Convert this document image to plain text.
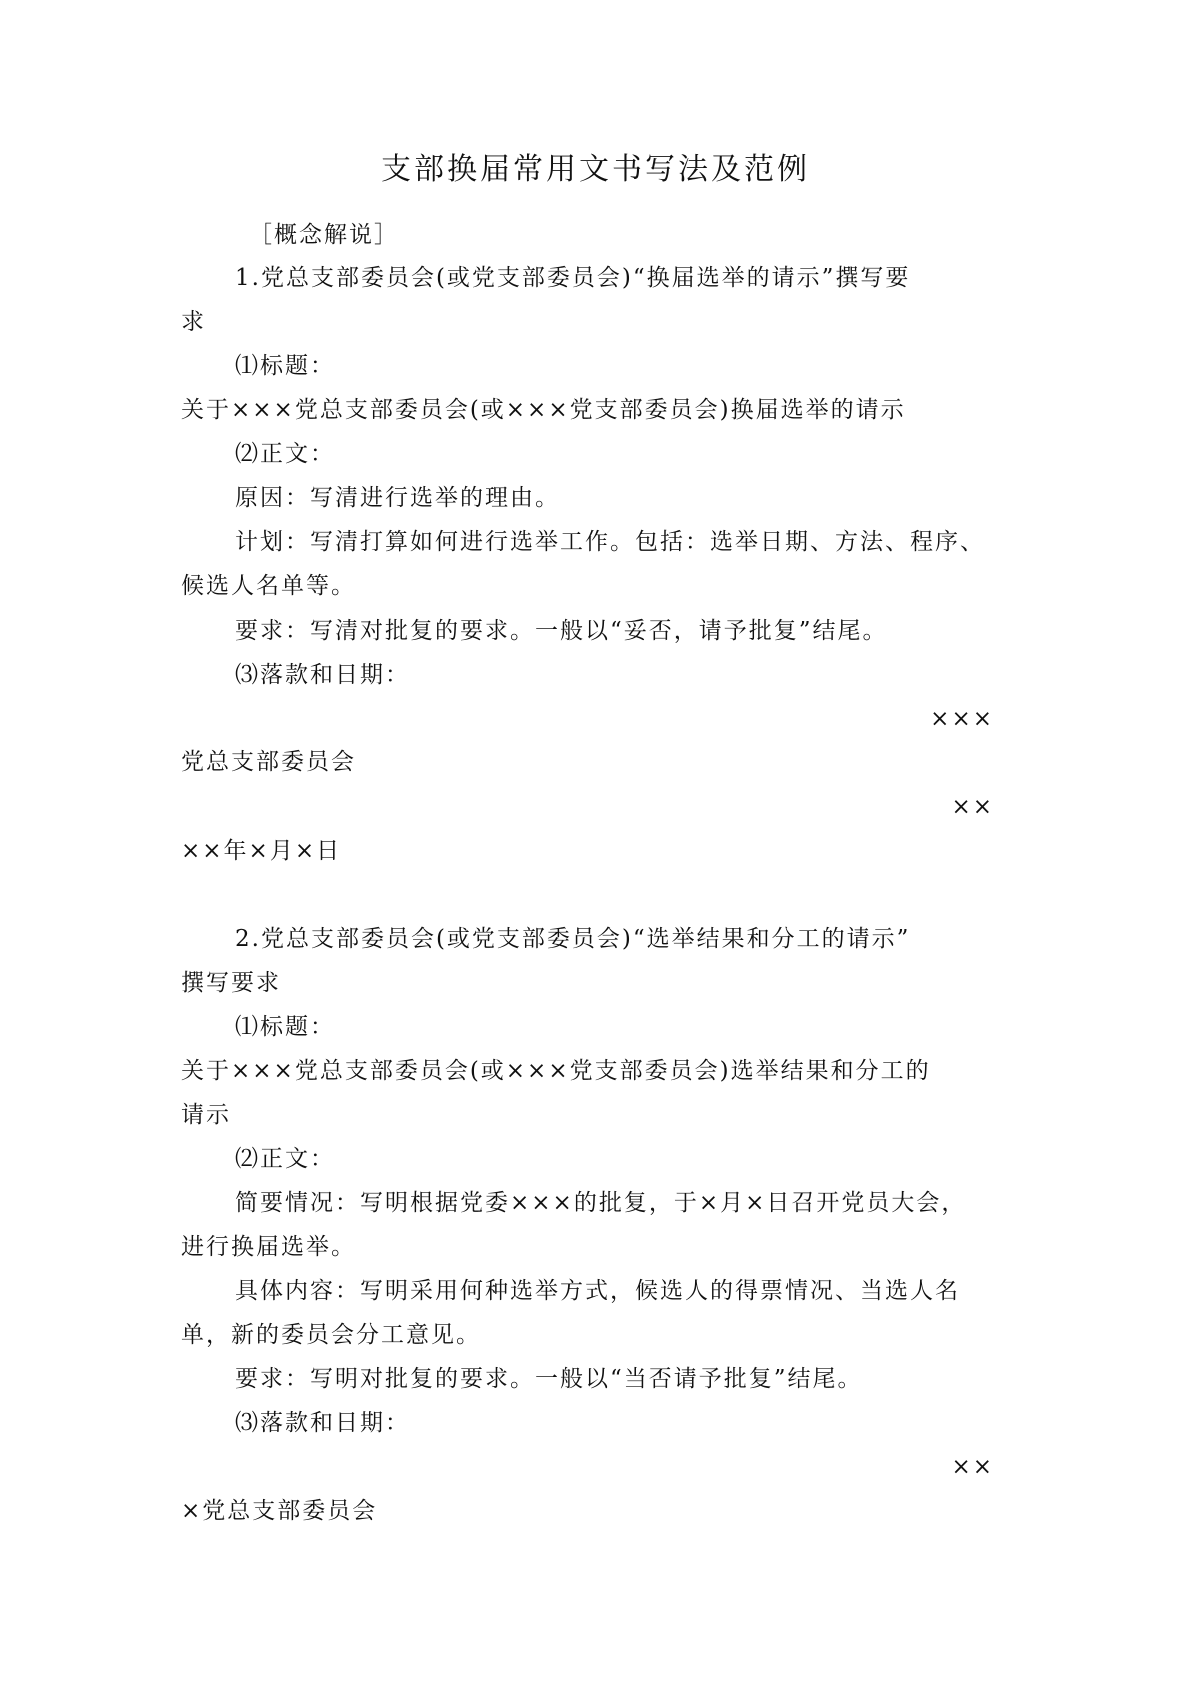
支部换届常用文书写法及范例
［概念解说］
1.党总支部委员会(或党支部委员会)“换届选举的请示”撰写要
求
⑴标题：
关于×××党总支部委员会(或×××党支部委员会)换届选举的请示
⑵正文：
原因：写清进行选举的理由。
计划：写清打算如何进行选举工作。包括：选举日期、方法、程序、
候选人名单等。
要求：写清对批复的要求。一般以“妥否，请予批复”结尾。
⑶落款和日期：
×××
党总支部委员会
××
××年×月×日
2.党总支部委员会(或党支部委员会)“选举结果和分工的请示”
撰写要求
⑴标题：
关于×××党总支部委员会(或×××党支部委员会)选举结果和分工的
请示
⑵正文：
简要情况：写明根据党委×××的批复，于×月×日召开党员大会，
进行换届选举。
具体内容：写明采用何种选举方式，候选人的得票情况、当选人名
单，新的委员会分工意见。
要求：写明对批复的要求。一般以“当否请予批复”结尾。
⑶落款和日期：
××
×党总支部委员会
